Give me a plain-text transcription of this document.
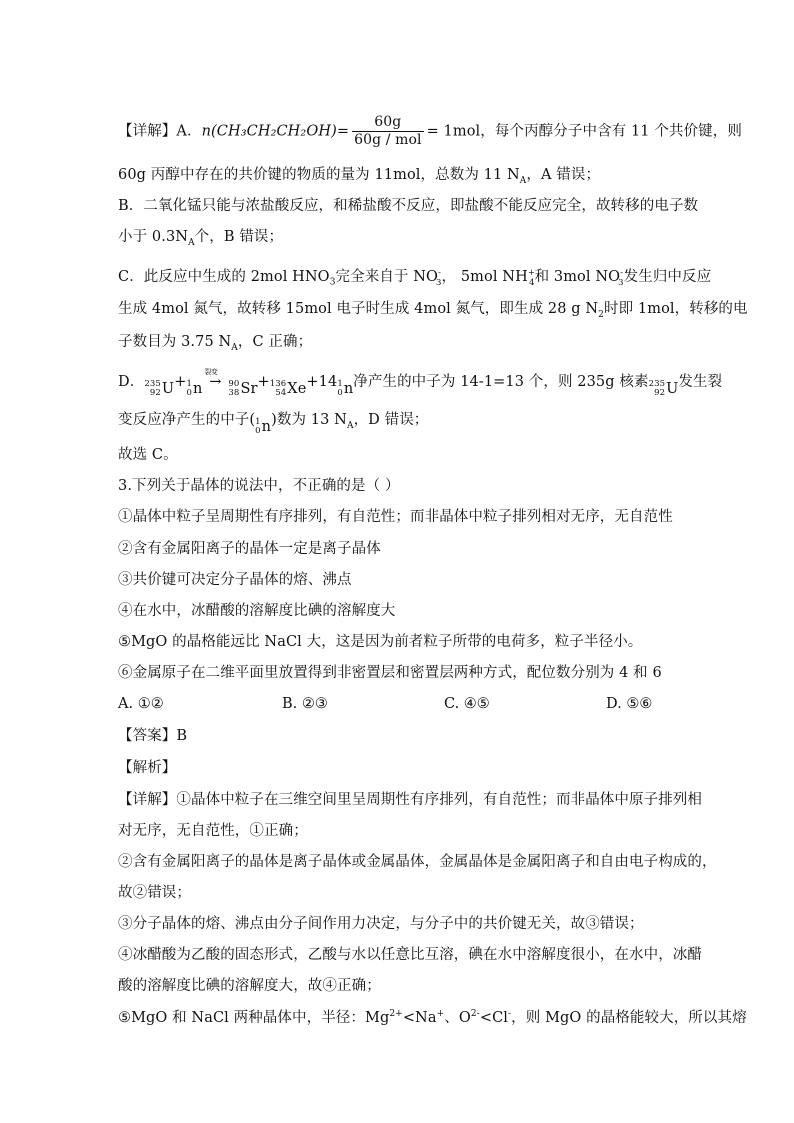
【详解】A．$n(CH_3CH_2CH_2OH)= \frac{60g}{\text{60g / mol}} = 1mol$，每个丙醇分子中含有 11 个共价键，则
60g 丙醇中存在的共价键的物质的量为 11mol，总数为 11 $N_A$，A 错误；
B．二氧化锰只能与浓盐酸反应，和稀盐酸不反应，即盐酸不能反应完全，故转移的电子数
小于 $0.3N_A$个，B 错误；
C．此反应中生成的 2mol $HNO_3$完全来自于 $NO^-_3$， 5mol $NH^+_4$和 3mol $NO^-_3$发生归中反应
生成 4mol 氮气，故转移 15mol 电子时生成 4mol 氮气，即生成 28 g $N_2$时即 1mol，转移的电
子数目为 3.75 $N_A$，C 正确；
D． 235
92 U + 1
0 n
裂变
→ 90
38 Sr + 136
54 Xe +14 1
0 n 净产生的中子为 14-1=13 个，则 235g 核素 235
92 U 发生裂
变反应净产生的中子( 1
0 n )数为 13 $N_A$，D 错误；
故选 C。
3.下列关于晶体的说法中，不正确的是（ ）
①晶体中粒子呈周期性有序排列，有自范性；而非晶体中粒子排列相对无序，无自范性
②含有金属阳离子的晶体一定是离子晶体
③共价键可决定分子晶体的熔、沸点
④在水中，冰醋酸的溶解度比碘的溶解度大
⑤MgO 的晶格能远比 NaCl 大，这是因为前者粒子所带的电荷多，粒子半径小。
⑥金属原子在二维平面里放置得到非密置层和密置层两种方式，配位数分别为 4 和 6
A. ①②	B. ②③	C. ④⑤	D. ⑤⑥
【答案】B
【解析】
【详解】①晶体中粒子在三维空间里呈周期性有序排列，有自范性；而非晶体中原子排列相
对无序，无自范性，①正确；
②含有金属阳离子的晶体是离子晶体或金属晶体，金属晶体是金属阳离子和自由电子构成的，
故②错误；
③分子晶体的熔、沸点由分子间作用力决定，与分子中的共价键无关，故③错误；
④冰醋酸为乙酸的固态形式，乙酸与水以任意比互溶，碘在水中溶解度很小，在水中，冰醋
酸的溶解度比碘的溶解度大，故④正确；
⑤MgO 和 NaCl 两种晶体中，半径：$Mg^{2+}<Na^+$、$O^{2-}<Cl^-$，则 MgO 的晶格能较大，所以其熔
